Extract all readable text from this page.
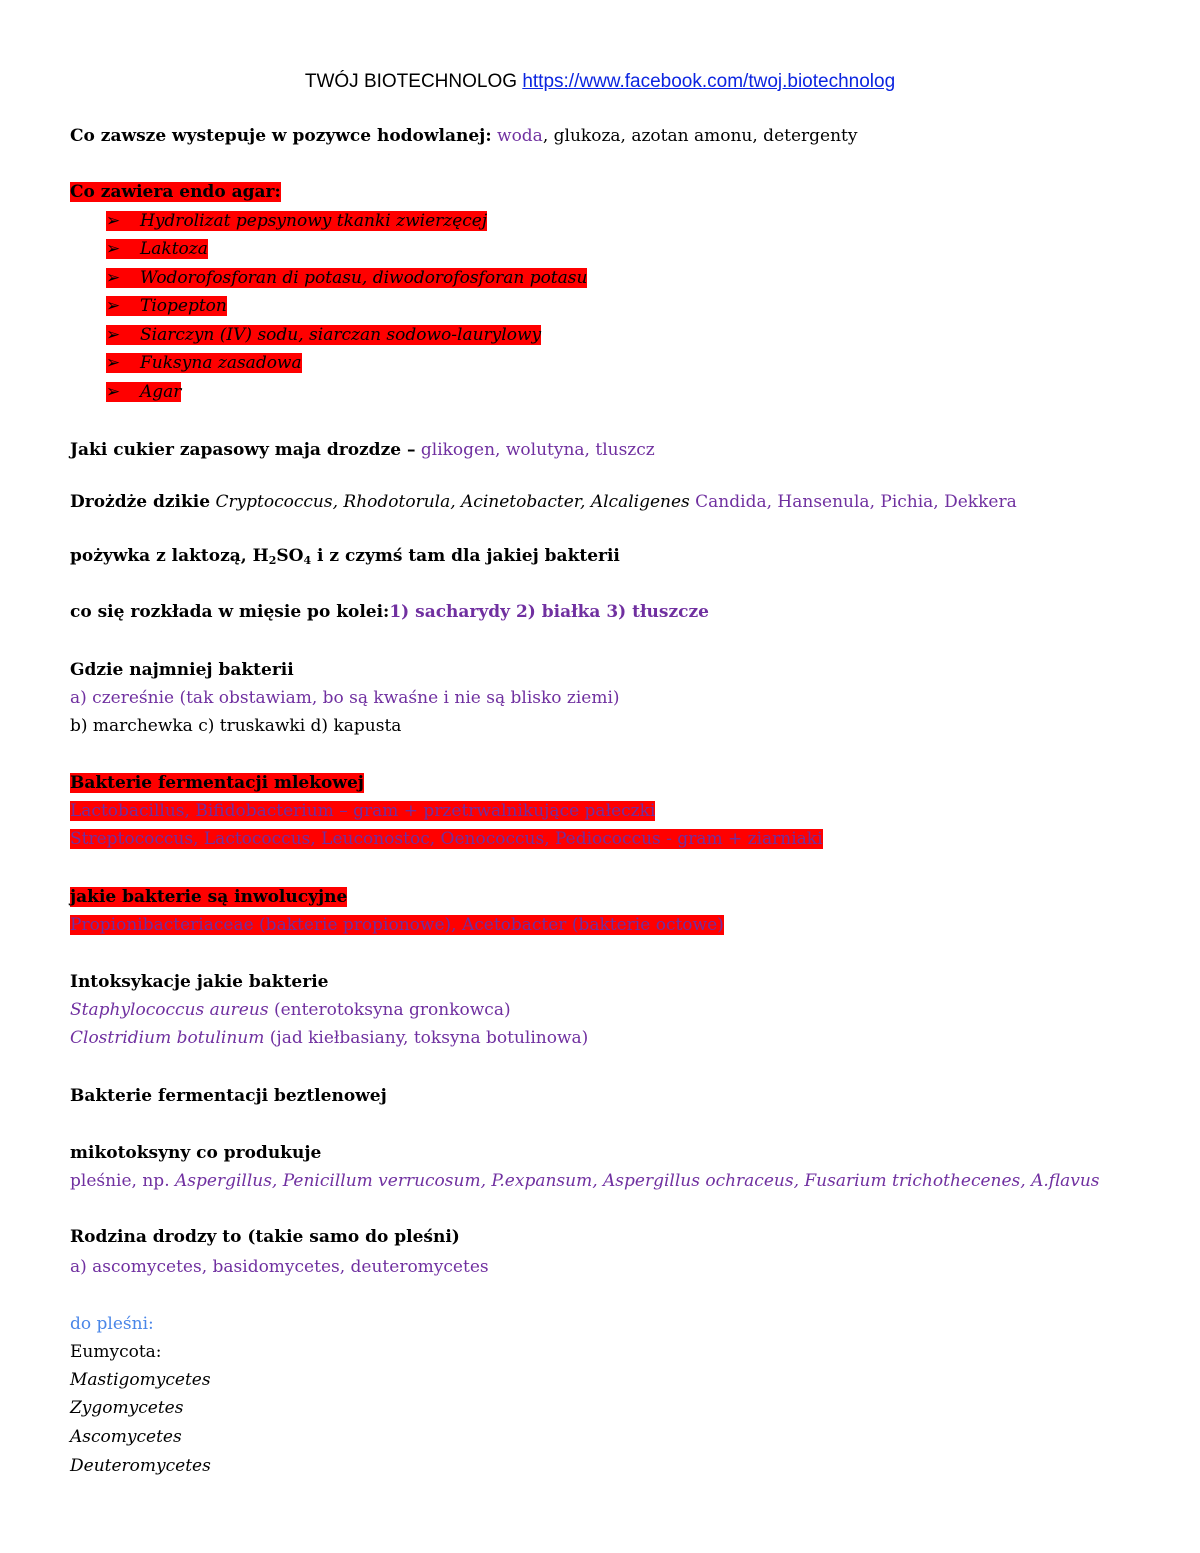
TWÓJ BIOTECHNOLOG https://www.facebook.com/twoj.biotechnolog
Co zawsze wystepuje w pozywce hodowlanej: woda, glukoza, azotan amonu, detergenty
Co zawiera endo agar:
➢ Hydrolizat pepsynowy tkanki zwierzęcej
➢ Laktoza
➢ Wodorofosforan di potasu, diwodorofosforan potasu
➢ Tiopepton
➢ Siarczyn (IV) sodu, siarczan sodowo-laurylowy
➢ Fuksyna zasadowa
➢ Agar
Jaki cukier zapasowy maja drozdze – glikogen, wolutyna, tluszcz
Drożdże dzikie Cryptococcus, Rhodotorula, Acinetobacter, Alcaligenes Candida, Hansenula, Pichia, Dekkera
pożywka z laktozą, $H_2SO_4$ i z czymś tam dla jakiej bakterii
co się rozkłada w mięsie po kolei:1) sacharydy 2) białka 3) tłuszcze
Gdzie najmniej bakterii
a) czereśnie (tak obstawiam, bo są kwaśne i nie są blisko ziemi)
b) marchewka c) truskawki d) kapusta
Bakterie fermentacji mlekowej
Lactobacillus, Bifidobacterium – gram + przetrwalnikujące pałeczki
Streptococcus, Lactococcus, Leuconostoc, Oenococcus, Pediococcus - gram + ziarniaki
jakie bakterie są inwolucyjne
Propionibacteriaceae (bakterie propionowe), Acetobacter (bakterie octowe)
Intoksykacje jakie bakterie
Staphylococcus aureus (enterotoksyna gronkowca)
Clostridium botulinum (jad kiełbasiany, toksyna botulinowa)
Bakterie fermentacji beztlenowej
mikotoksyny co produkuje
pleśnie, np. Aspergillus, Penicillum verrucosum, P.expansum, Aspergillus ochraceus, Fusarium trichothecenes, A.flavus
Rodzina drodzy to (takie samo do pleśni)
a) ascomycetes, basidomycetes, deuteromycetes
do pleśni:
Eumycota:
Mastigomycetes
Zygomycetes
Ascomycetes
Deuteromycetes
